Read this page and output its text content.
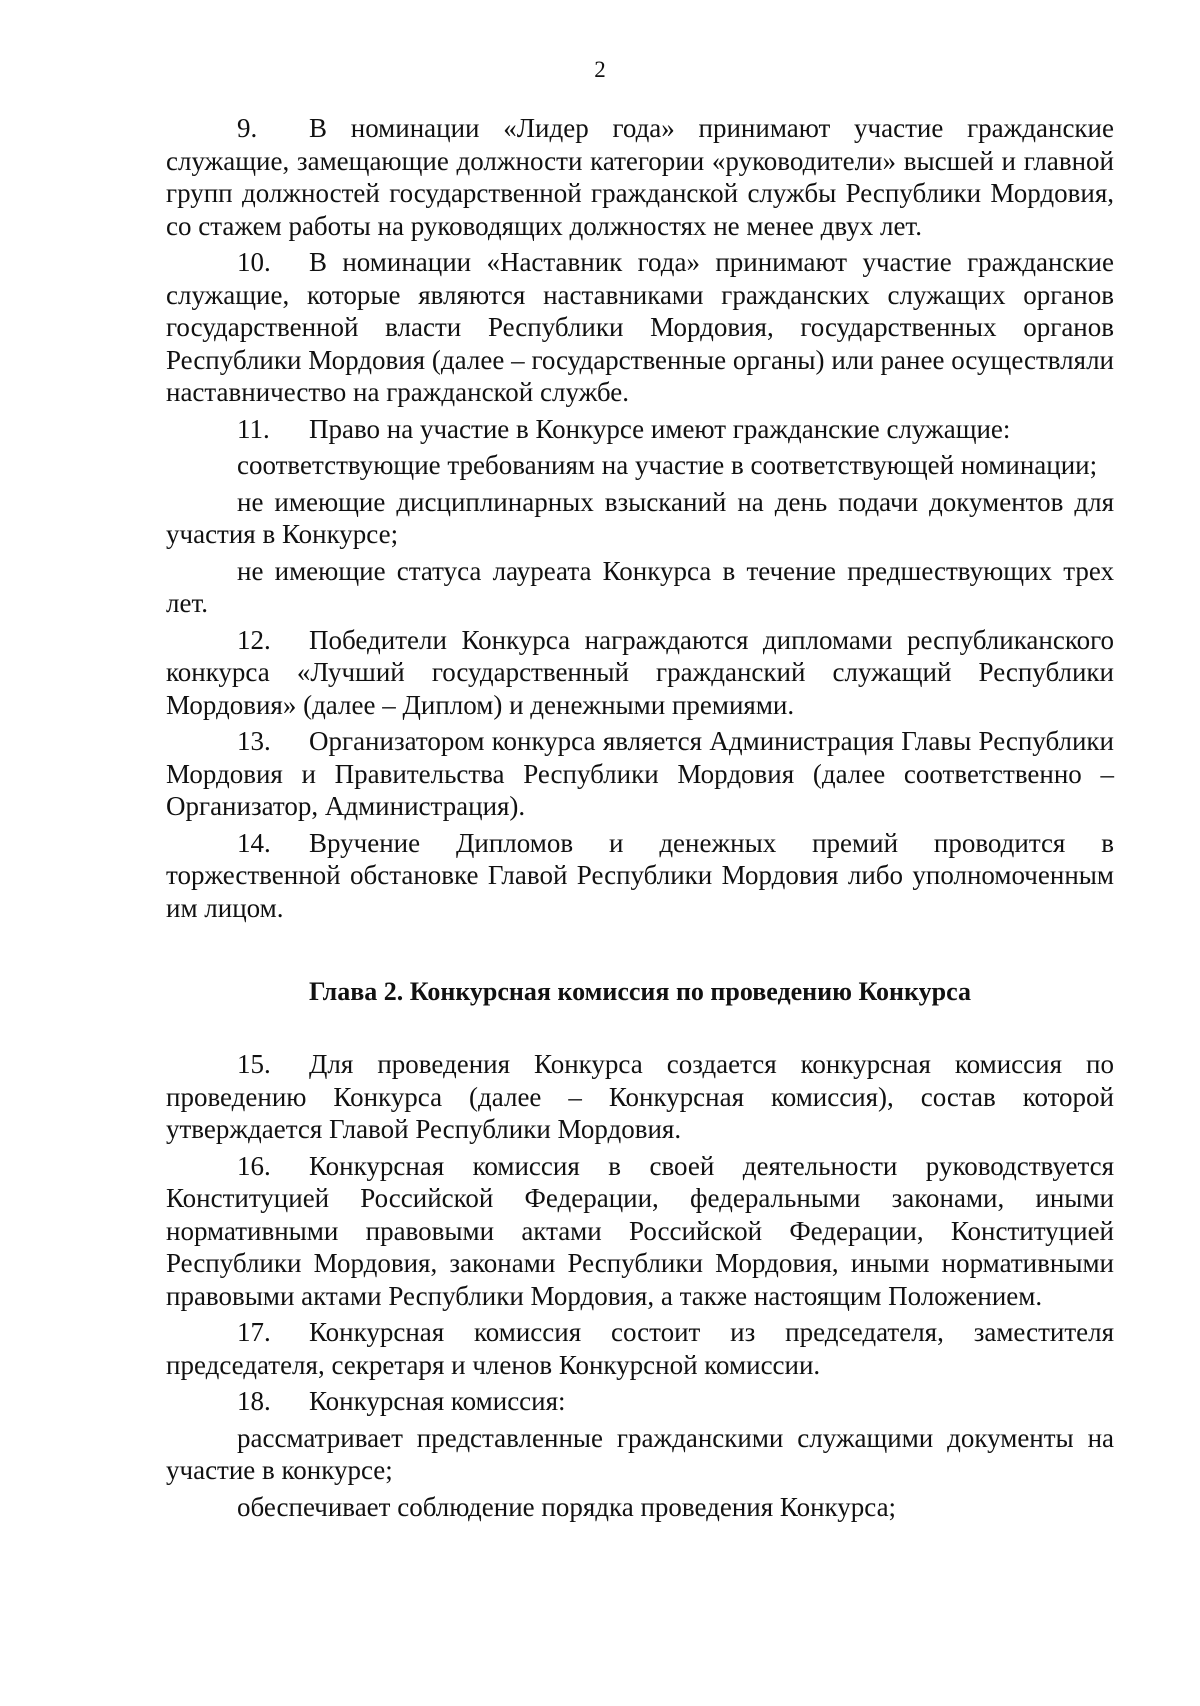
2

9. В номинации «Лидер года» принимают участие гражданские служащие, замещающие должности категории «руководители» высшей и главной групп должностей государственной гражданской службы Республики Мордовия, со стажем работы на руководящих должностях не менее двух лет.

10. В номинации «Наставник года» принимают участие гражданские служащие, которые являются наставниками гражданских служащих органов государственной власти Республики Мордовия, государственных органов Республики Мордовия (далее – государственные органы) или ранее осуществляли наставничество на гражданской службе.

11. Право на участие в Конкурсе имеют гражданские служащие:

соответствующие требованиям на участие в соответствующей номинации;

не имеющие дисциплинарных взысканий на день подачи документов для участия в Конкурсе;

не имеющие статуса лауреата Конкурса в течение предшествующих трех лет.

12. Победители Конкурса награждаются дипломами республиканского конкурса «Лучший государственный гражданский служащий Республики Мордовия» (далее – Диплом) и денежными премиями.

13. Организатором конкурса является Администрация Главы Республики Мордовия и Правительства Республики Мордовия (далее соответственно – Организатор, Администрация).

14. Вручение Дипломов и денежных премий проводится в торжественной обстановке Главой Республики Мордовия либо уполномоченным им лицом.

Глава 2. Конкурсная комиссия по проведению Конкурса

15. Для проведения Конкурса создается конкурсная комиссия по проведению Конкурса (далее – Конкурсная комиссия), состав которой утверждается Главой Республики Мордовия.

16. Конкурсная комиссия в своей деятельности руководствуется Конституцией Российской Федерации, федеральными законами, иными нормативными правовыми актами Российской Федерации, Конституцией Республики Мордовия, законами Республики Мордовия, иными нормативными правовыми актами Республики Мордовия, а также настоящим Положением.

17. Конкурсная комиссия состоит из председателя, заместителя председателя, секретаря и членов Конкурсной комиссии.

18. Конкурсная комиссия:

рассматривает представленные гражданскими служащими документы на участие в конкурсе;

обеспечивает соблюдение порядка проведения Конкурса;
